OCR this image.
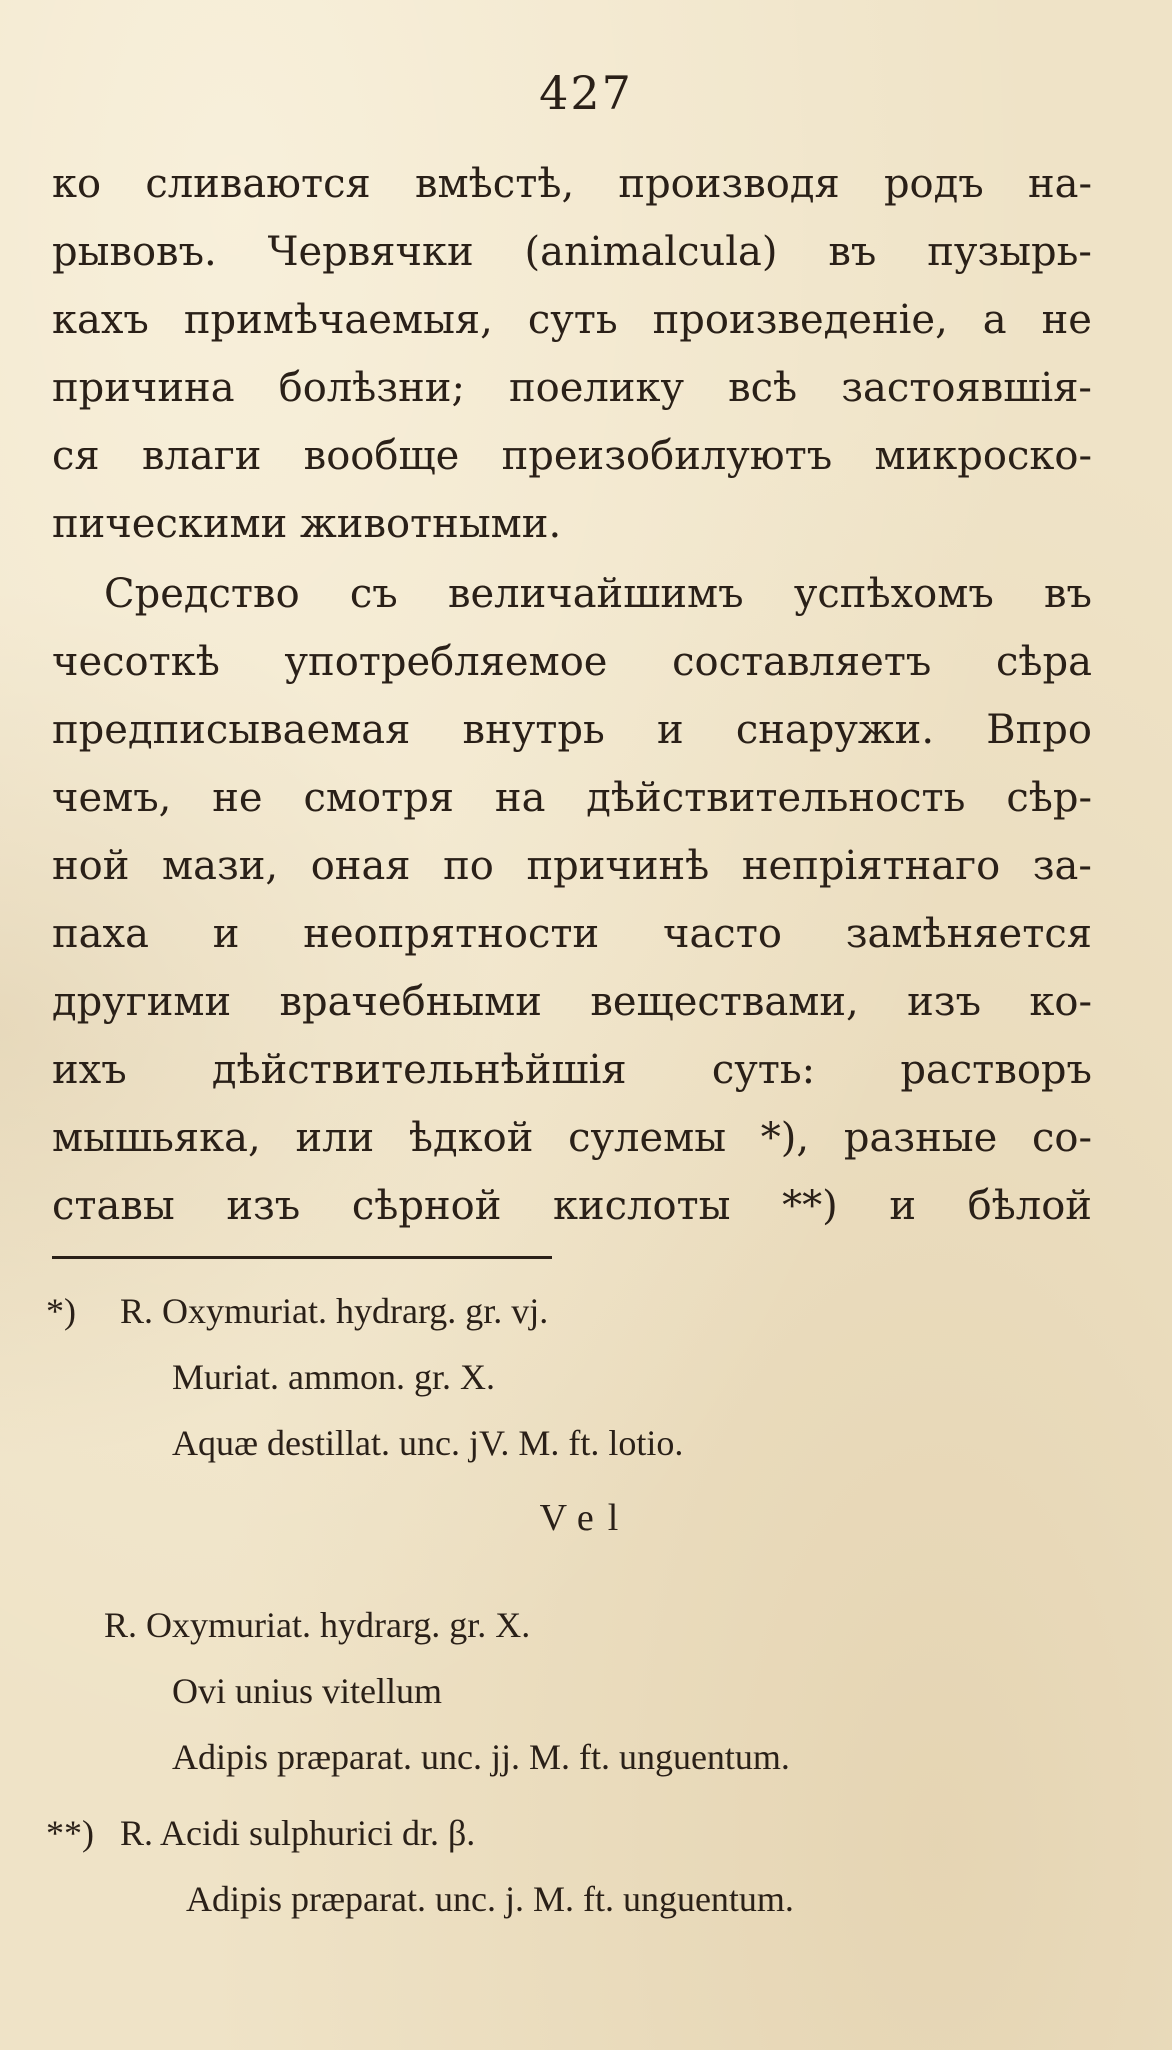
427
ко сливаются вмѣстѣ, производя родъ на-
рывовъ. Червячки (animalcula) въ пузырь-
кахъ примѣчаемыя, суть произведеніе, а не
причина болѣзни; поелику всѣ застоявшія-
ся влаги вообще преизобилуютъ микроско-
пическими животными.
Средство съ величайшимъ успѣхомъ въ
чесоткѣ употребляемое составляетъ сѣра
предписываемая внутрь и снаружи. Впро
чемъ, не смотря на дѣйствительность сѣр-
ной мази, оная по причинѣ непріятнаго за-
паха и неопрятности часто замѣняется
другими врачебными веществами, изъ ко-
ихъ дѣйствительнѣйшія суть: растворъ
мышьяка, или ѣдкой сулемы *), разные со-
ставы изъ сѣрной кислоты **) и бѣлой
*) R. Oxymuriat. hydrarg. gr. vj.
Muriat. ammon. gr. X.
Aquæ destillat. unc. jV. M. ft. lotio.
Vel
R. Oxymuriat. hydrarg. gr. X.
Ovi unius vitellum
Adipis præparat. unc. jj. M. ft. unguentum.
**) R. Acidi sulphurici dr. β.
Adipis præparat. unc. j. M. ft. unguentum.
